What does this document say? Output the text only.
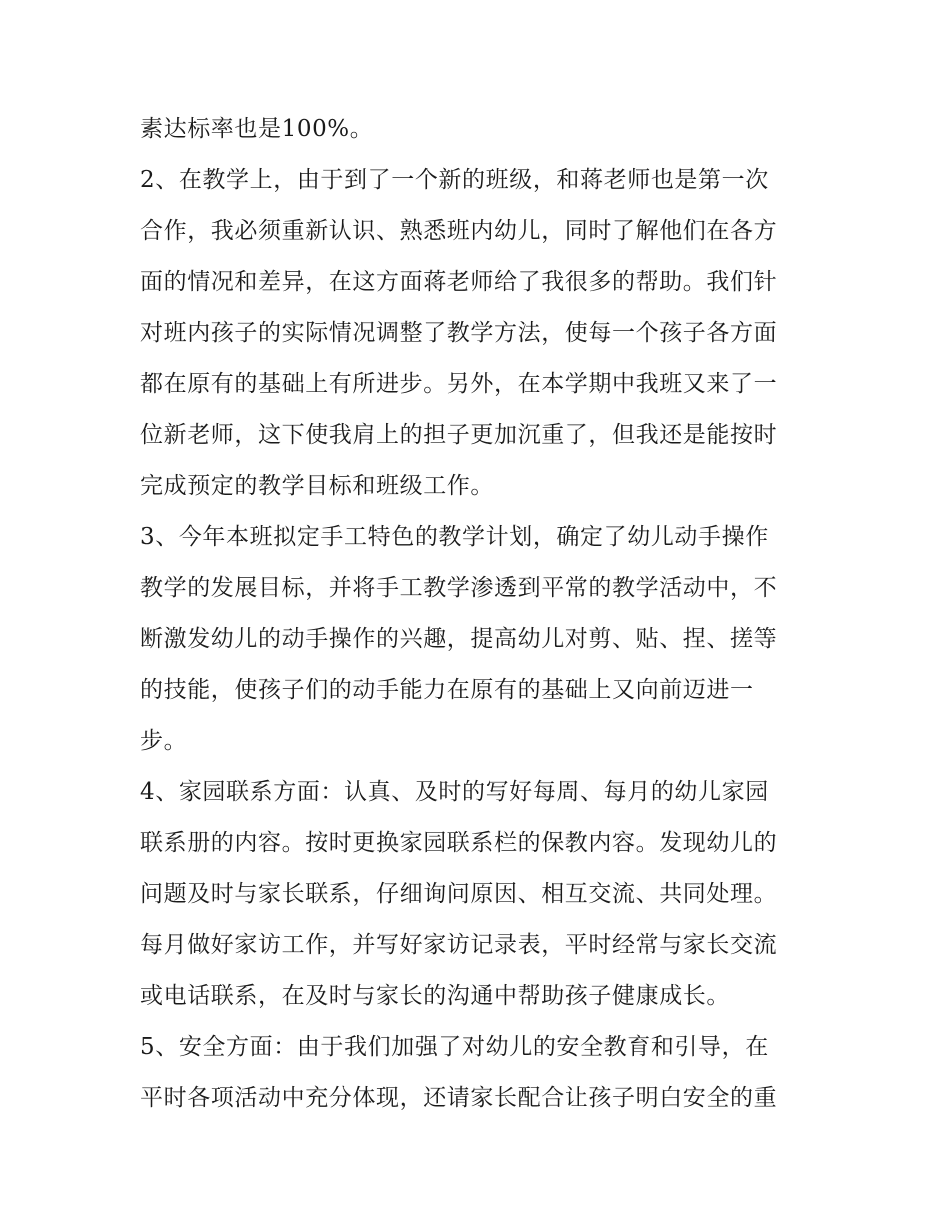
素达标率也是100%。
2、在教学上，由于到了一个新的班级，和蒋老师也是第一次
合作，我必须重新认识、熟悉班内幼儿，同时了解他们在各方
面的情况和差异，在这方面蒋老师给了我很多的帮助。我们针
对班内孩子的实际情况调整了教学方法，使每一个孩子各方面
都在原有的基础上有所进步。另外，在本学期中我班又来了一
位新老师，这下使我肩上的担子更加沉重了，但我还是能按时
完成预定的教学目标和班级工作。
3、今年本班拟定手工特色的教学计划，确定了幼儿动手操作
教学的发展目标，并将手工教学渗透到平常的教学活动中，不
断激发幼儿的动手操作的兴趣，提高幼儿对剪、贴、捏、搓等
的技能，使孩子们的动手能力在原有的基础上又向前迈进一
步。
4、家园联系方面：认真、及时的写好每周、每月的幼儿家园
联系册的内容。按时更换家园联系栏的保教内容。发现幼儿的
问题及时与家长联系，仔细询问原因、相互交流、共同处理。
每月做好家访工作，并写好家访记录表，平时经常与家长交流
或电话联系，在及时与家长的沟通中帮助孩子健康成长。
5、安全方面：由于我们加强了对幼儿的安全教育和引导，在
平时各项活动中充分体现，还请家长配合让孩子明白安全的重
